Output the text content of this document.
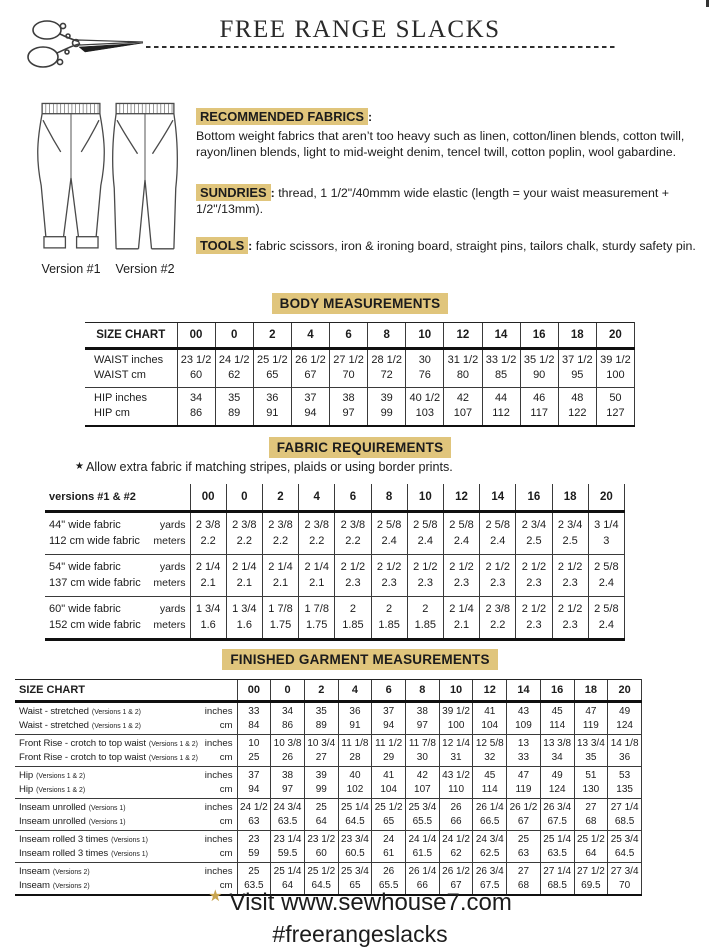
FREE RANGE SLACKS
Version #1	Version #2
RECOMMENDED FABRICS :

Bottom weight fabrics that aren’t too heavy such as linen, cotton/linen blends, cotton twill, rayon/linen blends, light to mid-weight denim, tencel twill, cotton poplin, wool gabardine.

SUNDRIES : thread, 1 1/2"/40mmm wide elastic (length = your waist measurement + 1/2"/13mm).
TOOLS : fabric scissors, iron & ironing board, straight pins, tailors chalk, sturdy safety pin.
BODY MEASUREMENTS
SIZE CHART	00	0	2	4	6	8	10	12	14	16	18	20

WAIST inches	23 1/2	24 1/2	25 1/2	26 1/2	27 1/2	28 1/2	30	31 1/2	33 1/2	35 1/2	37 1/2	39 1/2

WAIST cm	60	62	65	67	70	72	76	80	85	90	95	100

HIP inches	34	35	36	37	38	39	40 1/2	42	44	46	48	50

HIP cm	86	89	91	94	97	99	103	107	112	117	122	127
FABRIC REQUIREMENTS
★ Allow extra fabric if matching stripes, plaids or using border prints.
versions #1 & #2	00	0	2	4	6	8	10	12	14	16	18	20

44" wide fabric yards	2 3/8	2 3/8	2 3/8	2 3/8	2 3/8	2 5/8	2 5/8	2 5/8	2 5/8	2 3/4	2 3/4	3 1/4

112 cm wide fabric meters	2.2	2.2	2.2	2.2	2.2	2.4	2.4	2.4	2.4	2.5	2.5	3

54" wide fabric yards	2 1/4	2 1/4	2 1/4	2 1/4	2 1/2	2 1/2	2 1/2	2 1/2	2 1/2	2 1/2	2 1/2	2 5/8

137 cm wide fabric meters	2.1	2.1	2.1	2.1	2.3	2.3	2.3	2.3	2.3	2.3	2.3	2.4

60" wide fabric yards	1 3/4	1 3/4	1 7/8	1 7/8	2	2	2	2 1/4	2 3/8	2 1/2	2 1/2	2 5/8

152 cm wide fabric meters	1.6	1.6	1.75	1.75	1.85	1.85	1.85	2.1	2.2	2.3	2.3	2.4
FINISHED GARMENT MEASUREMENTS
SIZE CHART	00	0	2	4	6	8	10	12	14	16	18	20

Waist - stretched (Versions 1 & 2) inches	33	34	35	36	37	38	39 1/2	41	43	45	47	49

Waist - stretched (Versions 1 & 2) cm	84	86	89	91	94	97	100	104	109	114	119	124

Front Rise - crotch to top waist (Versions 1 & 2) inches	10	10 3/8	10 3/4	11 1/8	11 1/2	11 7/8	12 1/4	12 5/8	13	13 3/8	13 3/4	14 1/8

Front Rise - crotch to top waist (Versions 1 & 2) cm	25	26	27	28	29	30	31	32	33	34	35	36

Hip (Versions 1 & 2) inches	37	38	39	40	41	42	43 1/2	45	47	49	51	53

Hip (Versions 1 & 2) cm	94	97	99	102	104	107	110	114	119	124	130	135

Inseam unrolled (Versions 1) inches	24 1/2	24 3/4	25	25 1/4	25 1/2	25 3/4	26	26 1/4	26 1/2	26 3/4	27	27 1/4

Inseam unrolled (Versions 1) cm	63	63.5	64	64.5	65	65.5	66	66.5	67	67.5	68	68.5

Inseam rolled 3 times (Versions 1) inches	23	23 1/4	23 1/2	23 3/4	24	24 1/4	24 1/2	24 3/4	25	25 1/4	25 1/2	25 3/4

Inseam rolled 3 times (Versions 1) cm	59	59.5	60	60.5	61	61.5	62	62.5	63	63.5	64	64.5

Inseam (Versions 2) inches	25	25 1/4	25 1/2	25 3/4	26	26 1/4	26 1/2	26 3/4	27	27 1/4	27 1/2	27 3/4

Inseam (Versions 2) cm	63.5	64	64.5	65	65.5	66	67	67.5	68	68.5	69.5	70
★ Visit www.sewhouse7.com
#freerangeslacks
